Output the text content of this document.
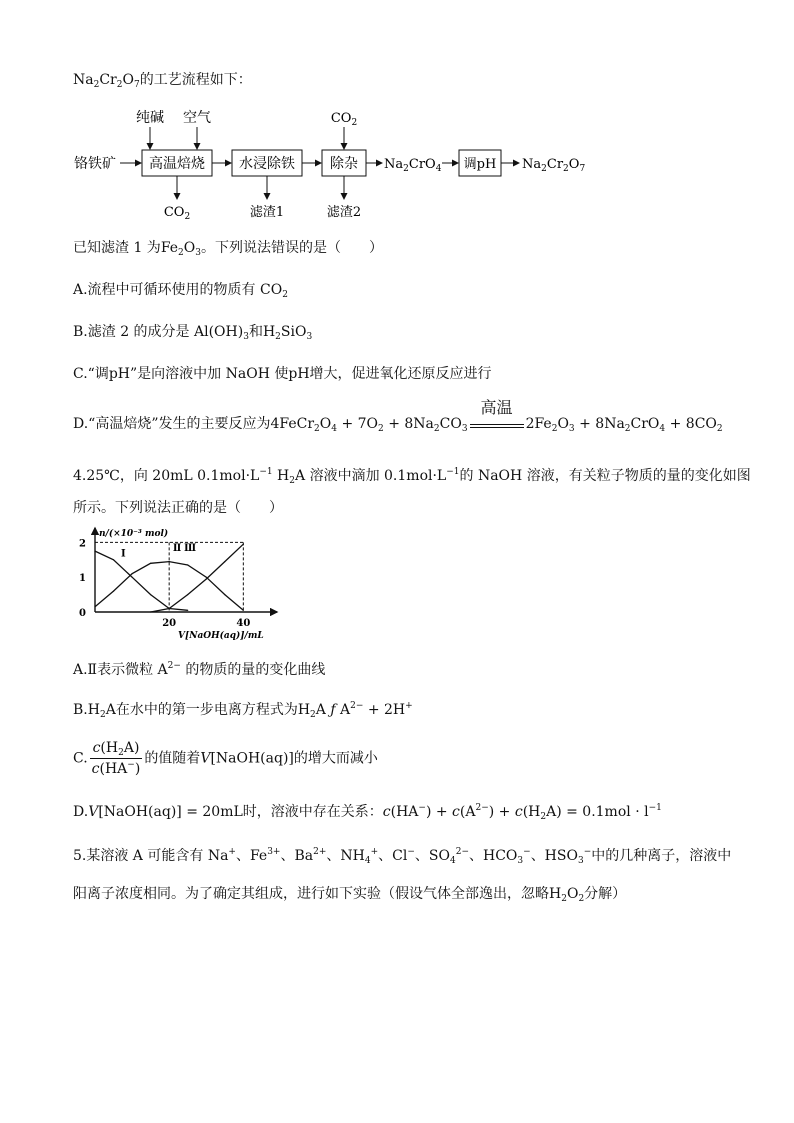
$Na_2Cr_2O_7$的工艺流程如下：
铬铁矿 高温焙烧
纯碱 空气
$CO_2$
水浸除铁
滤渣1
除杂
$CO_2$
滤渣2
$Na_2CrO_4$ 调pH $Na_2Cr_2O_7$
已知滤渣 1 为$Fe_2O_3$。下列说法错误的是（　　）
A.流程中可循环使用的物质有 $CO_2$
B.滤渣 2 的成分是 $Al(OH)_3$和$H_2SiO_3$
C.“调pH”是向溶液中加 NaOH 使pH增大，促进氧化还原反应进行
D.“高温焙烧”发生的主要反应为$4FeCr_2O_4 + 7O_2 + 8Na_2CO_3$
高温
$2Fe_2O_3 + 8Na_2CrO_4 + 8CO_2$
4.25℃，向 20mL $0.1mol\cdot L^{-1}$ $H_2A$ 溶液中滴加 $0.1mol\cdot L^{-1}$的 NaOH 溶液，有关粒子物质的量的变化如图
所示。下列说法正确的是（　　）
n/(×10⁻³ mol)
V[NaOH(aq)]/mL
0
1
2
20	40
Ⅰ	Ⅱ Ⅲ
A.Ⅱ表示微粒 $A^{2-}$ 的物质的量的变化曲线
$B.H_2A$在水中的第一步电离方程式为$H_2A$ ƒ $A^{2-} + 2H^+$
C. $\frac{c(H_2A)}{c(HA^-)}$ 的值随着V[NaOH(aq)]的增大而减小
D.V[NaOH(aq)] = 20mL时，溶液中存在关系：$c(HA^-) + c(A^{2-}) + c(H_2A) = 0.1mol \cdot l^{-1}$
5.某溶液 A 可能含有 Na+、$Fe^{3+}$、$Ba^{2+}$、$NH_4^+$、Cl−、$SO_4^{2-}$、$HCO_3^-$、$HSO_3^-$中的几种离子，溶液中
阳离子浓度相同。为了确定其组成，进行如下实验（假设气体全部逸出，忽略$H_2O_2$分解）
